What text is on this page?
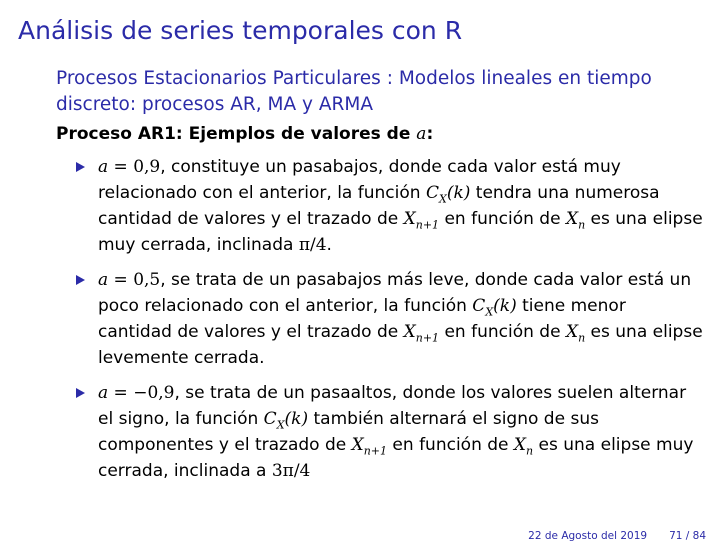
Análisis de series temporales con R
Procesos Estacionarios Particulares : Modelos lineales en tiempo discreto: procesos AR, MA y ARMA
Proceso AR1: Ejemplos de valores de a:
a = 0,9, constituye un pasabajos, donde cada valor está muy relacionado con el anterior, la función $C_X(k)$ tendra una numerosa cantidad de valores y el trazado de $X_{n+1}$ en función de $X_n$ es una elipse muy cerrada, inclinada π/4.
a = 0,5, se trata de un pasabajos más leve, donde cada valor está un poco relacionado con el anterior, la función $C_X(k)$ tiene menor cantidad de valores y el trazado de $X_{n+1}$ en función de $X_n$ es una elipse levemente cerrada.
a = −0,9, se trata de un pasaaltos, donde los valores suelen alternar el signo, la función $C_X(k)$ también alternará el signo de sus componentes y el trazado de $X_{n+1}$ en función de $X_n$ es una elipse muy cerrada, inclinada a 3π/4
22 de Agosto del 2019 71 / 84
